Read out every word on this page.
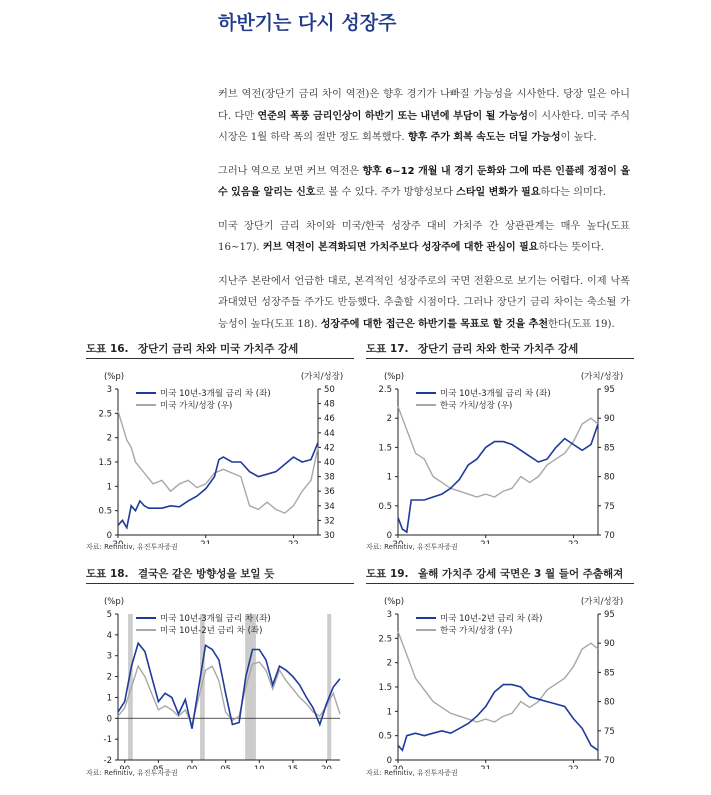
하반기는 다시 성장주

커브 역전(장단기 금리 차이 역전)은 향후 경기가 나빠질 가능성을 시사한다. 당장 일은 아니다. 다만 연준의 폭풍 금리인상이 하반기 또는 내년에 부담이 될 가능성이 시사한다. 미국 주식시장은 1월 하락 폭의 절반 정도 회복했다. 향후 주가 회복 속도는 더딜 가능성이 높다.

그러나 역으로 보면 커브 역전은 향후 6~12 개월 내 경기 둔화와 그에 따른 인플레 정점이 올 수 있음을 알리는 신호로 볼 수 있다. 주가 방향성보다 스타일 변화가 필요하다는 의미다.

미국 장단기 금리 차이와 미국/한국 성장주 대비 가치주 간 상관관계는 매우 높다(도표 16~17). 커브 역전이 본격화되면 가치주보다 성장주에 대한 관심이 필요하다는 뜻이다.

지난주 본란에서 언급한 대로, 본격적인 성장주로의 국면 전환으로 보기는 어렵다. 이제 낙폭과대였던 성장주들 주가도 반등했다. 추출할 시점이다. 그러나 장단기 금리 차이는 축소될 가능성이 높다(도표 18). 성장주에 대한 접근은 하반기를 목표로 할 것을 추천한다(도표 19).

도표 16. 장단기 금리 차와 미국 가치주 강세
(%p)	(가치/성장)
0
0.5
1
1.5
2
2.5
3
30
32
34
36
38
40
42
44
46
48
50
미국 10년-3개월 금리 차 (좌)
미국 가치/성장 (우)
도표 17. 장단기 금리 차와 한국 가치주 강세
(%p)	(가치/성장)
0
0.5
1
1.5
2
2.5
70
75
80
85
90
95
미국 10년-3개월 금리 차 (좌)
한국 가치/성장 (우)
자료: Refinitiv, 유진투자증권	자료: Refinitiv, 유진투자증권
도표 18. 결국은 같은 방향성을 보일 듯
(%p)
-2
-1
0
1
2
3
4
5	미국 10년-3개월 금리 차 (좌)
미국 10년-2년 금리 차 (좌)
도표 19. 올해 가치주 강세 국면은 3 월 들어 주춤해져
(%p)	(가치/성장)
0
0.5
1
1.5
2
2.5
3
70
75
80
85
90
95
미국 10년-2년 금리 차 (좌)
한국 가치/성장 (우)
자료: Refinitiv, 유진투자증권	자료: Refinitiv, 유진투자증권
